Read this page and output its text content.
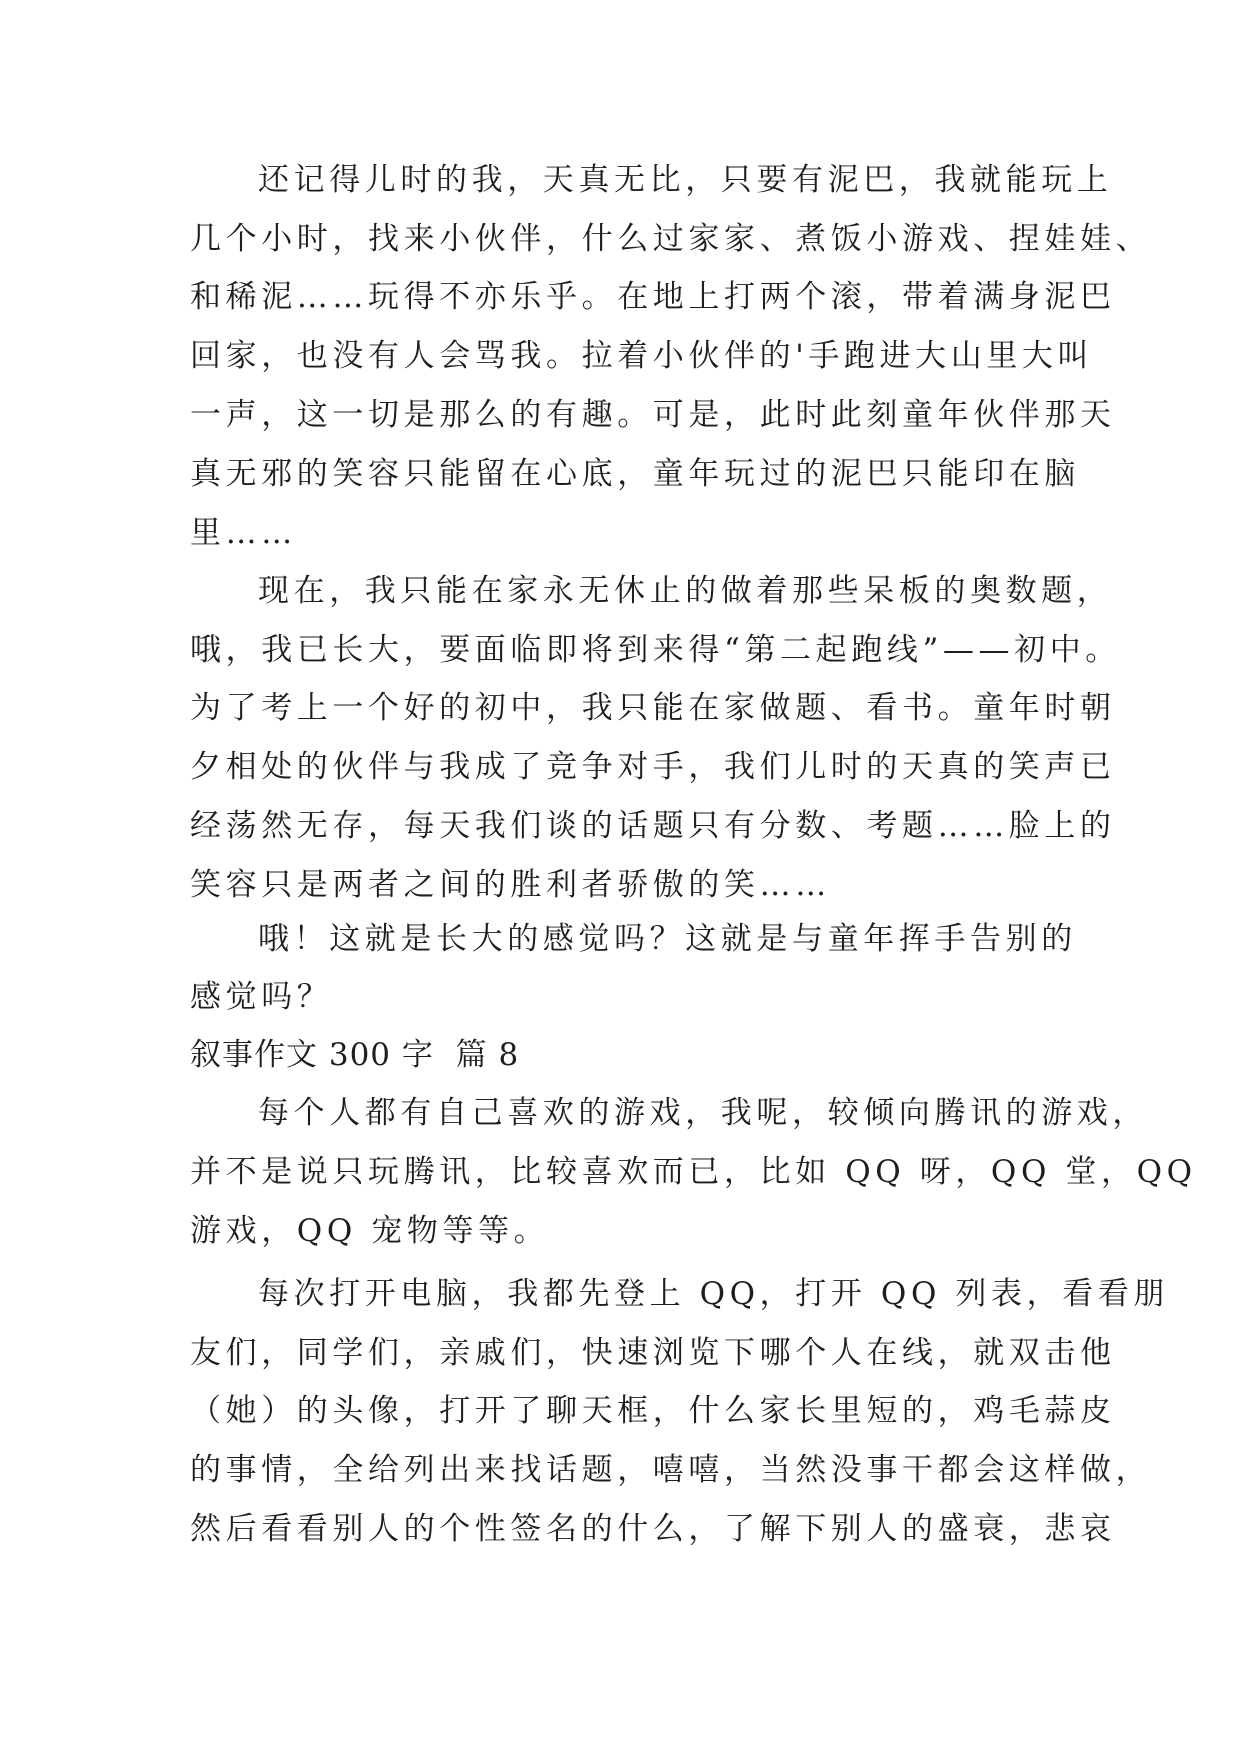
还记得儿时的我，天真无比，只要有泥巴，我就能玩上
几个小时，找来小伙伴，什么过家家、煮饭小游戏、捏娃娃、
和稀泥……玩得不亦乐乎。在地上打两个滚，带着满身泥巴
回家，也没有人会骂我。拉着小伙伴的'手跑进大山里大叫
一声，这一切是那么的有趣。可是，此时此刻童年伙伴那天
真无邪的笑容只能留在心底，童年玩过的泥巴只能印在脑
里……
现在，我只能在家永无休止的做着那些呆板的奥数题，
哦，我已长大，要面临即将到来得“第二起跑线”——初中。
为了考上一个好的初中，我只能在家做题、看书。童年时朝
夕相处的伙伴与我成了竞争对手，我们儿时的天真的笑声已
经荡然无存，每天我们谈的话题只有分数、考题……脸上的
笑容只是两者之间的胜利者骄傲的笑……
哦！这就是长大的感觉吗？这就是与童年挥手告别的
感觉吗？
叙事作文 300 字  篇 8
每个人都有自己喜欢的游戏，我呢，较倾向腾讯的游戏，
并不是说只玩腾讯，比较喜欢而已，比如 QQ 呀，QQ 堂，QQ
游戏，QQ 宠物等等。
每次打开电脑，我都先登上 QQ，打开 QQ 列表，看看朋
友们，同学们，亲戚们，快速浏览下哪个人在线，就双击他
（她）的头像，打开了聊天框，什么家长里短的，鸡毛蒜皮
的事情，全给列出来找话题，嘻嘻，当然没事干都会这样做，
然后看看别人的个性签名的什么，了解下别人的盛衰，悲哀
